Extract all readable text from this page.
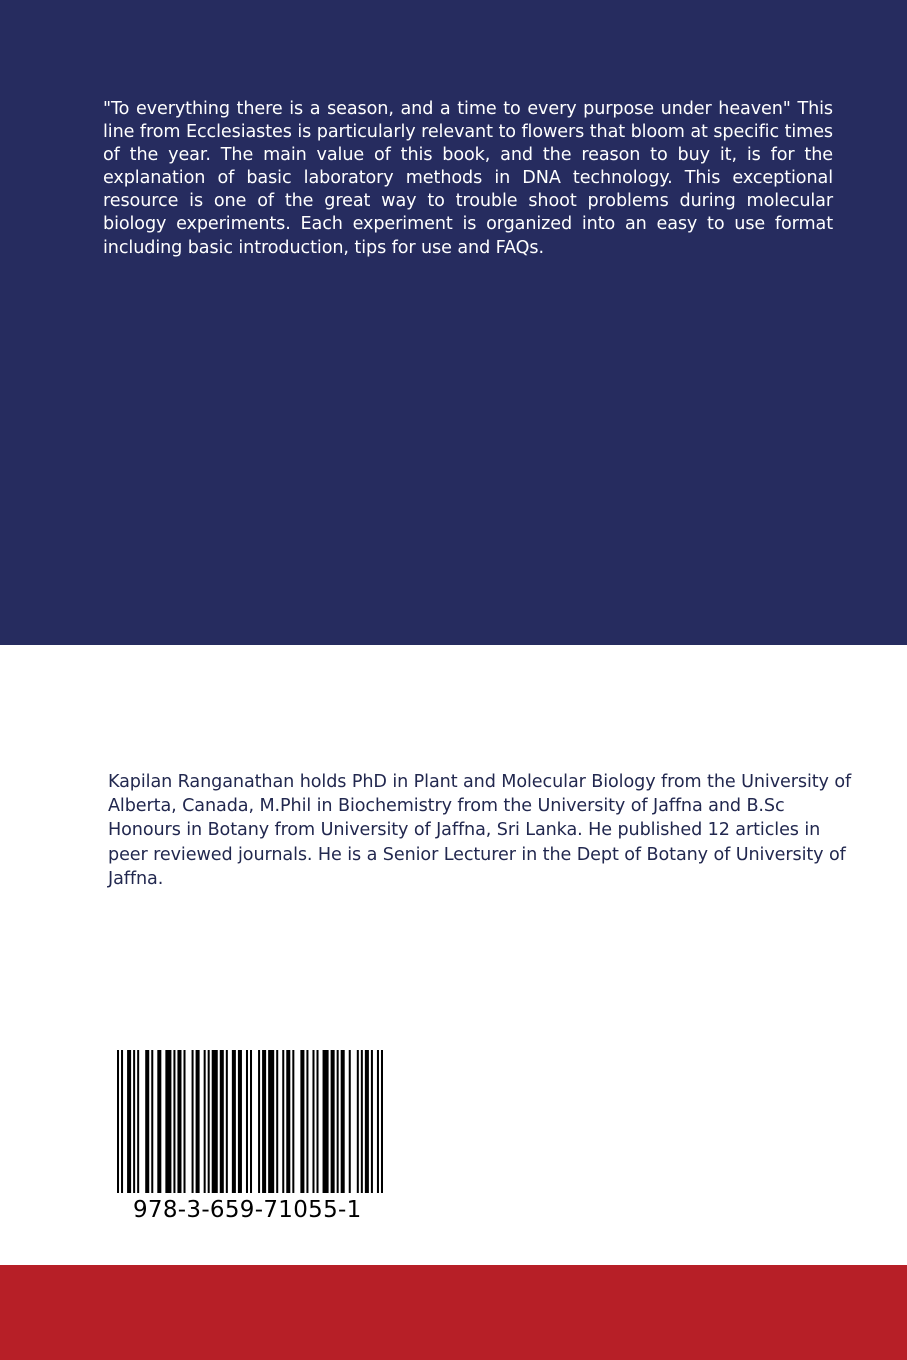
"To everything there is a season, and a time to every purpose under heaven" This line from Ecclesiastes is particularly relevant to flowers that bloom at specific times of the year. The main value of this book, and the reason to buy it, is for the explanation of basic laboratory methods in DNA technology. This exceptional resource is one of the great way to trouble shoot problems during molecular biology experiments. Each experiment is organized into an easy to use format including basic introduction, tips for use and FAQs.

Kapilan Ranganathan holds PhD in Plant and Molecular Biology from the University of Alberta, Canada, M.Phil in Biochemistry from the University of Jaffna and B.Sc Honours in Botany from University of Jaffna, Sri Lanka. He published 12 articles in peer reviewed journals. He is a Senior Lecturer in the Dept of Botany of University of Jaffna.

978-3-659-71055-1
